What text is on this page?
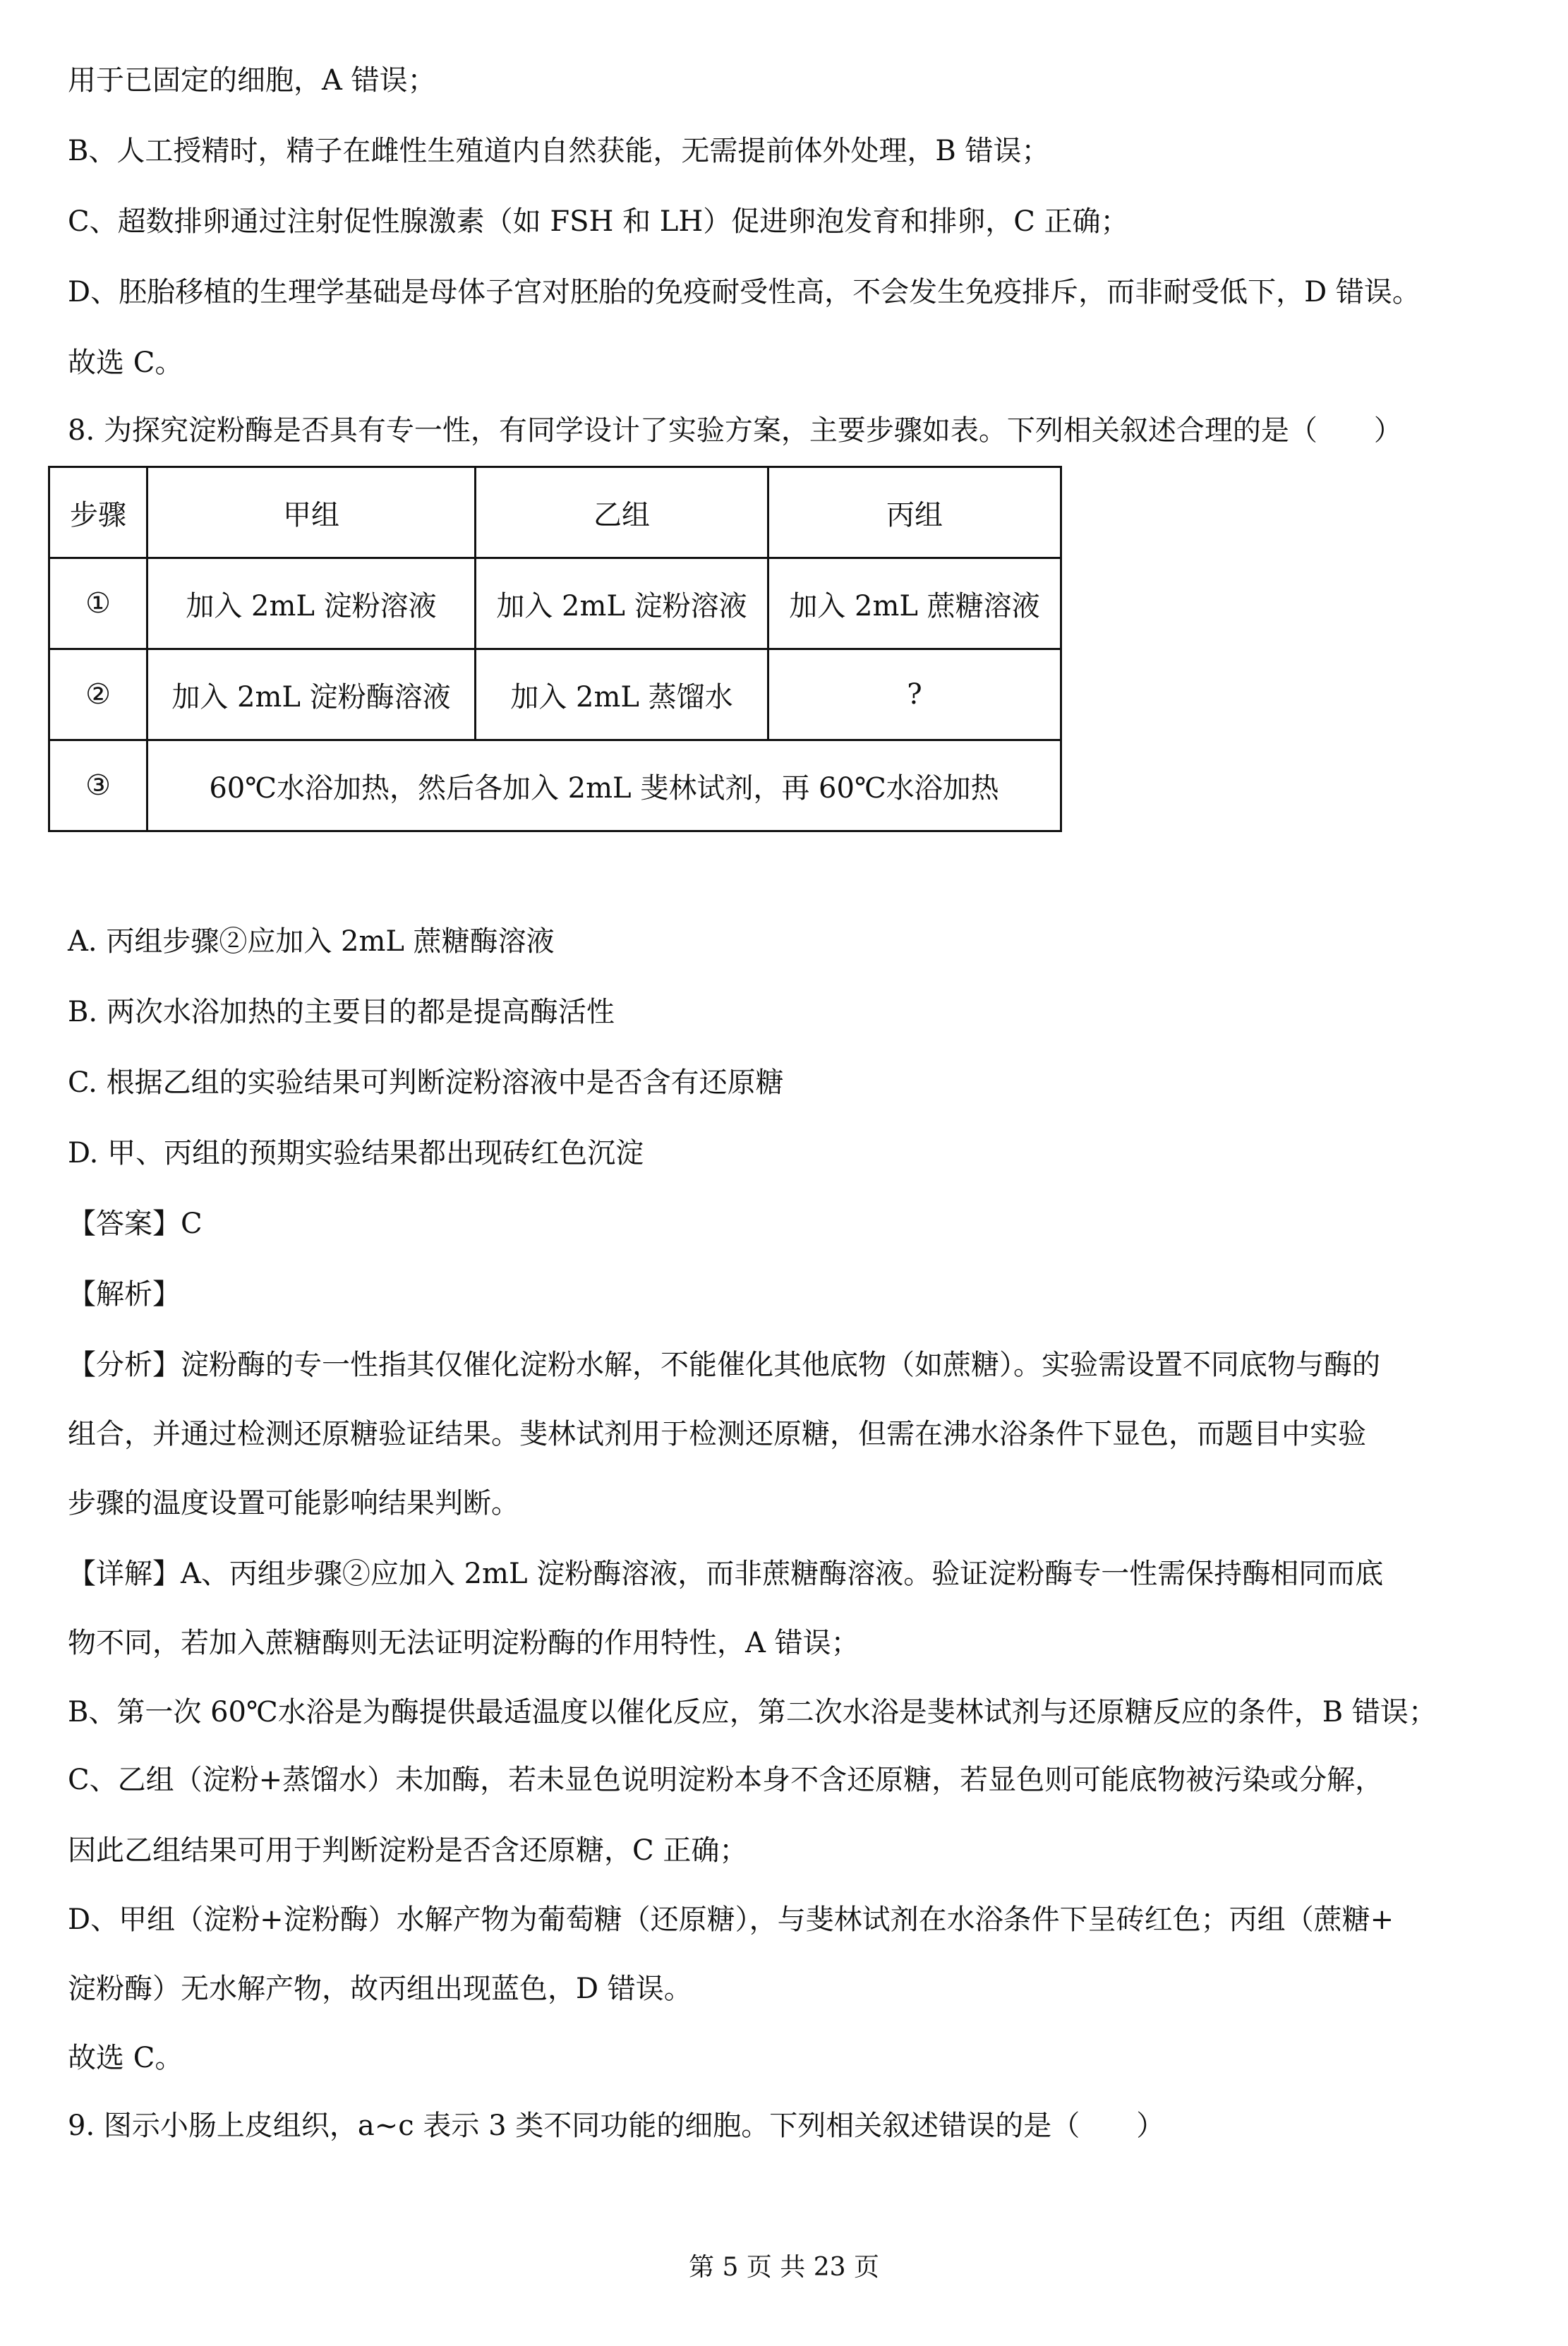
用于已固定的细胞，A 错误；
B、人工授精时，精子在雌性生殖道内自然获能，无需提前体外处理，B 错误；
C、超数排卵通过注射促性腺激素（如 FSH 和 LH）促进卵泡发育和排卵，C 正确；
D、胚胎移植的生理学基础是母体子宫对胚胎的免疫耐受性高，不会发生免疫排斥，而非耐受低下，D 错误。
故选 C。
8. 为探究淀粉酶是否具有专一性，有同学设计了实验方案，主要步骤如表。下列相关叙述合理的是（　　）
步骤	甲组	乙组	丙组
①	加入 2mL 淀粉溶液	加入 2mL 淀粉溶液	加入 2mL 蔗糖溶液
②	加入 2mL 淀粉酶溶液	加入 2mL 蒸馏水	?
③	60℃水浴加热，然后各加入 2mL 斐林试剂，再 60℃水浴加热		
A. 丙组步骤②应加入 2mL 蔗糖酶溶液
B. 两次水浴加热的主要目的都是提高酶活性
C. 根据乙组的实验结果可判断淀粉溶液中是否含有还原糖
D. 甲、丙组的预期实验结果都出现砖红色沉淀
【答案】C
【解析】
【分析】淀粉酶的专一性指其仅催化淀粉水解，不能催化其他底物（如蔗糖）。实验需设置不同底物与酶的
组合，并通过检测还原糖验证结果。斐林试剂用于检测还原糖，但需在沸水浴条件下显色，而题目中实验
步骤的温度设置可能影响结果判断。
【详解】A、丙组步骤②应加入 2mL 淀粉酶溶液，而非蔗糖酶溶液。验证淀粉酶专一性需保持酶相同而底
物不同，若加入蔗糖酶则无法证明淀粉酶的作用特性，A 错误；
B、第一次 60℃水浴是为酶提供最适温度以催化反应，第二次水浴是斐林试剂与还原糖反应的条件，B 错误；
C、乙组（淀粉+蒸馏水）未加酶，若未显色说明淀粉本身不含还原糖，若显色则可能底物被污染或分解，
因此乙组结果可用于判断淀粉是否含还原糖，C 正确；
D、甲组（淀粉+淀粉酶）水解产物为葡萄糖（还原糖），与斐林试剂在水浴条件下呈砖红色；丙组（蔗糖+
淀粉酶）无水解产物，故丙组出现蓝色，D 错误。
故选 C。
9. 图示小肠上皮组织，a~c 表示 3 类不同功能的细胞。下列相关叙述错误的是（　　）
第 5 页 共 23 页
